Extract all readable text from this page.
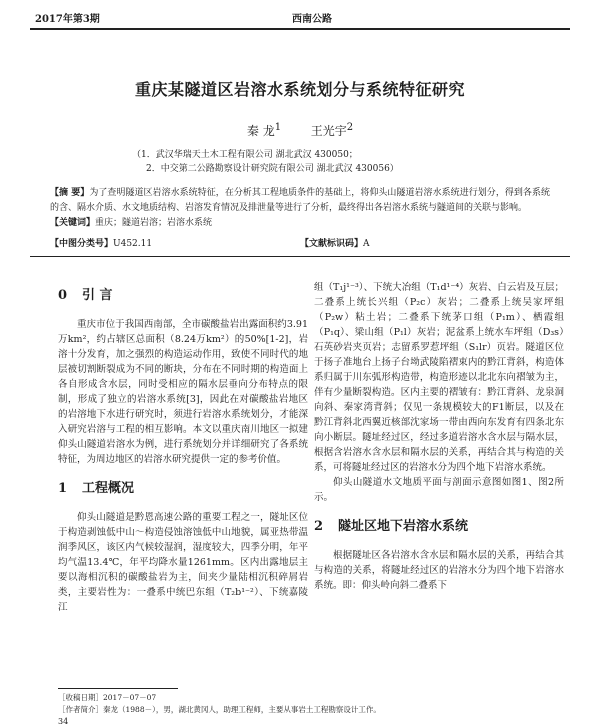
2017年第3期	西南公路
重庆某隧道区岩溶水系统划分与系统特征研究
秦 龙$^1$ 王光宇$^2$
（1．武汉华瑞天土木工程有限公司 湖北武汉 430050；
2．中交第二公路勘察设计研究院有限公司 湖北武汉 430056）
【摘 要】为了查明隧道区岩溶水系统特征，在分析其工程地质条件的基础上，将仰头山隧道岩溶水系统进行划分，得到各系统的含、隔水介质、水文地质结构、岩溶发育情况及排泄量等进行了分析，最终得出各岩溶水系统与隧道间的关联与影响。
【关键词】重庆；隧道岩溶；岩溶水系统
【中图分类号】U452.11	【文献标识码】A
0 引 言

重庆市位于我国西南部，全市碳酸盐岩出露面积约3.91万km²，约占辖区总面积（8.24万km²）的50%[1-2]，岩溶十分发育，加之强烈的构造运动作用，致使不同时代的地层被切割断裂成为不同的断块，分布在不同时期的构造面上各自形成含水层，同时受相应的隔水层垂向分布特点的限制，形成了独立的岩溶水系统[3]，因此在对碳酸盐岩地区的岩溶地下水进行研究时，须进行岩溶水系统划分，才能深入研究岩溶与工程的相互影响。本文以重庆南川地区一拟建仰头山隧道岩溶水为例，进行系统划分并详细研究了各系统特征，为周边地区的岩溶水研究提供一定的参考价值。

1 工程概况

仰头山隧道是黔恩高速公路的重要工程之一，隧址区位于构造剥蚀低中山～构造侵蚀溶蚀低中山地貌，属亚热带温润季风区，该区内气候较湿润，湿度较大，四季分明，年平均气温13.4℃，年平均降水量1261mm。区内出露地层主要以海相沉积的碳酸盐岩为主，间夹少量陆相沉积碎屑岩类，主要岩性为：一叠系中统巴东组（T₂b¹⁻²）、下统嘉陵江

组（T₁j¹⁻³）、下统大冶组（T₁d¹⁻⁴）灰岩、白云岩及互层；二叠系上统长兴组（P₂c）灰岩；二叠系上统吴家坪组（P₂w）粘土岩；二叠系下统茅口组（P₁m）、栖霞组（P₁q）、梁山组（P₁l）灰岩；泥盆系上统水车坪组（D₃s）石英砂岩夹页岩；志留系罗惹坪组（S₁lr）页岩。隧道区位于扬子准地台上扬子台坳武陵陷褶束内的黔江背斜，构造体系归属于川东弧形构造带，构造形迹以北北东向褶皱为主，伴有少量断裂构造。区内主要的褶皱有：黔江背斜、龙泉洞向斜、秦家湾背斜；仅见一条规模较大的F1断层，以及在黔江背斜北西翼近核部沈家场一带由西向东发育有四条北东向小断层。隧址经过区，经过多道岩溶水含水层与隔水层，根据含岩溶水含水层和隔水层的关系，再结合其与构造的关系，可将隧址经过区的岩溶水分为四个地下岩溶水系统。

仰头山隧道水文地质平面与剖面示意图如图1、图2所示。

2 隧址区地下岩溶水系统

根据隧址区各岩溶水含水层和隔水层的关系，再结合其与构造的关系，将隧址经过区的岩溶水分为四个地下岩溶水系统。即：仰头岭向斜二叠系下

［收稿日期］2017－07－07
［作者简介］秦龙（1988－），男，湖北黄冈人，助理工程师，主要从事岩土工程勘察设计工作。
34
